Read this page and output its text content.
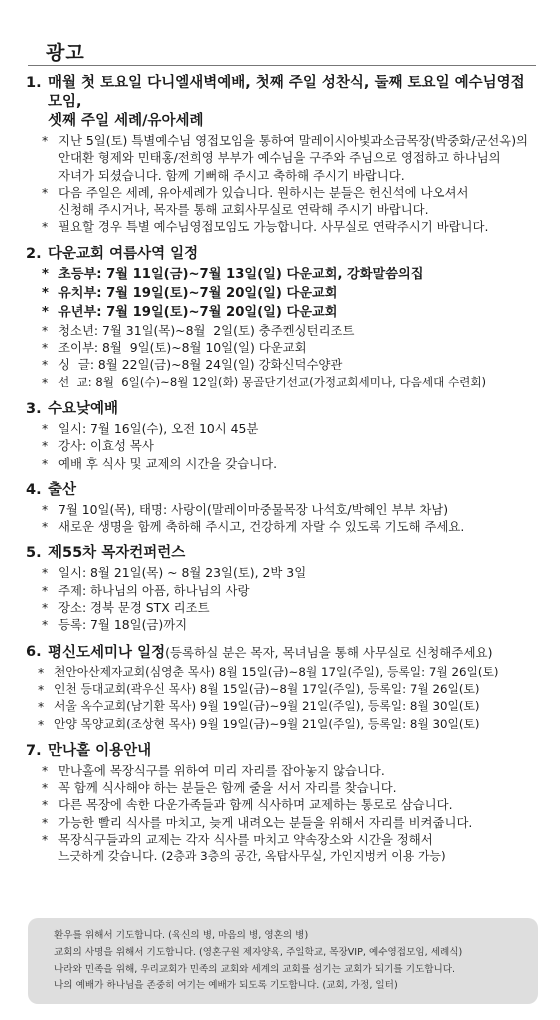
광고
1. 매월 첫 토요일 다니엘새벽예배, 첫째 주일 성찬식, 둘째 토요일 예수님영접모임,
셋째 주일 세례/유아세례
* 지난 5일(토) 특별예수님 영접모임을 통하여 말레이시아빛과소금목장(박중화/군선옥)의
안대환 형제와 민태홍/전희영 부부가 예수님을 구주와 주님으로 영접하고 하나님의
자녀가 되셨습니다. 함께 기뻐해 주시고 축하해 주시기 바랍니다.
* 다음 주일은 세례, 유아세례가 있습니다. 원하시는 분들은 헌신석에 나오셔서
신청해 주시거나, 목자를 통해 교회사무실로 연락해 주시기 바랍니다.
* 필요할 경우 특별 예수님영접모임도 가능합니다. 사무실로 연락주시기 바랍니다.
2. 다운교회 여름사역 일정
* 초등부: 7월 11일(금)~7월 13일(일) 다운교회, 강화말씀의집
* 유치부: 7월 19일(토)~7월 20일(일) 다운교회
* 유년부: 7월 19일(토)~7월 20일(일) 다운교회
* 청소년: 7월 31일(목)~8월  2일(토) 충주켄싱턴리조트
* 조이부: 8월  9일(토)~8월 10일(일) 다운교회
* 싱  글: 8월 22일(금)~8월 24일(일) 강화신덕수양관
* 선  교: 8월  6일(수)~8월 12일(화) 몽골단기선교(가정교회세미나, 다음세대 수련회)
3. 수요낮예배
* 일시: 7월 16일(수), 오전 10시 45분
* 강사: 이효성 목사
* 예배 후 식사 및 교제의 시간을 갖습니다.
4. 출산
* 7월 10일(목), 태명: 사랑이(말레이마중물목장 나석호/박혜인 부부 차남)
* 새로운 생명을 함께 축하해 주시고, 건강하게 자랄 수 있도록 기도해 주세요.
5. 제55차 목자컨퍼런스
* 일시: 8월 21일(목) ~ 8월 23일(토), 2박 3일
* 주제: 하나님의 아픔, 하나님의 사랑
* 장소: 경북 문경 STX 리조트
* 등록: 7월 18일(금)까지
6. 평신도세미나 일정(등록하실 분은 목자, 목녀님을 통해 사무실로 신청해주세요)
* 천안아산제자교회(심영춘 목사) 8월 15일(금)~8월 17일(주일), 등록일: 7월 26일(토)
* 인천 등대교회(곽우신 목사) 8월 15일(금)~8월 17일(주일), 등록일: 7월 26일(토)
* 서울 옥수교회(남기환 목사) 9월 19일(금)~9월 21일(주일), 등록일: 8월 30일(토)
* 안양 목양교회(조상현 목사) 9월 19일(금)~9월 21일(주일), 등록일: 8월 30일(토)
7. 만나홀 이용안내
* 만나홀에 목장식구를 위하여 미리 자리를 잡아놓지 않습니다.
* 꼭 함께 식사해야 하는 분들은 함께 줄을 서서 자리를 찾습니다.
* 다른 목장에 속한 다운가족들과 함께 식사하며 교제하는 통로로 삼습니다.
* 가능한 빨리 식사를 마치고, 늦게 내려오는 분들을 위해서 자리를 비켜줍니다.
* 목장식구들과의 교제는 각자 식사를 마치고 약속장소와 시간을 정해서
느긋하게 갖습니다. (2층과 3층의 공간, 옥탑사무실, 가인지벙커 이용 가능)
환우를 위해서 기도합니다. (육신의 병, 마음의 병, 영혼의 병)
교회의 사명을 위해서 기도합니다. (영혼구원 제자양육, 주일학교, 목장VIP, 예수영접모임, 세례식)
나라와 민족을 위해, 우리교회가 민족의 교회와 세계의 교회를 섬기는 교회가 되기를 기도합니다.
나의 예배가 하나님을 존중히 여기는 예배가 되도록 기도합니다. (교회, 가정, 일터)
